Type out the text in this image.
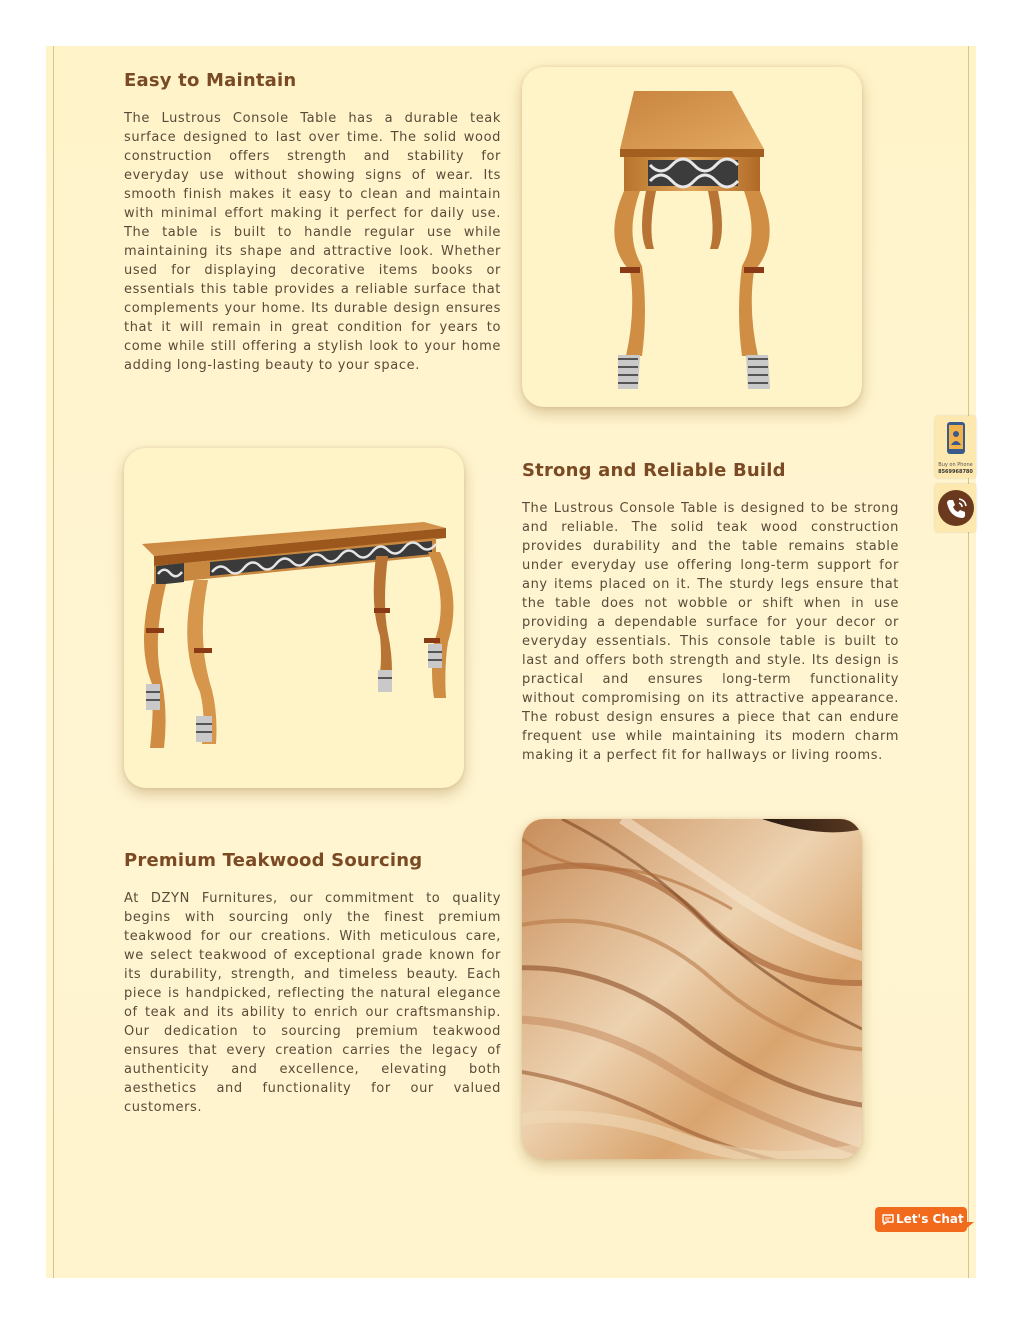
Easy to Maintain

The Lustrous Console Table has a durable teak surface designed to last over time. The solid wood construction offers strength and stability for everyday use without showing signs of wear. Its smooth finish makes it easy to clean and maintain with minimal effort making it perfect for daily use. The table is built to handle regular use while maintaining its shape and attractive look. Whether used for displaying decorative items books or essentials this table provides a reliable surface that complements your home. Its durable design ensures that it will remain in great condition for years to come while still offering a stylish look to your home adding long-lasting beauty to your space.

Strong and Reliable Build

The Lustrous Console Table is designed to be strong and reliable. The solid teak wood construction provides durability and the table remains stable under everyday use offering long-term support for any items placed on it. The sturdy legs ensure that the table does not wobble or shift when in use providing a dependable surface for your decor or everyday essentials. This console table is built to last and offers both strength and style. Its design is practical and ensures long-term functionality without compromising on its attractive appearance. The robust design ensures a piece that can endure frequent use while maintaining its modern charm making it a perfect fit for hallways or living rooms.

Premium Teakwood Sourcing

At DZYN Furnitures, our commitment to quality begins with sourcing only the finest premium teakwood for our creations. With meticulous care, we select teakwood of exceptional grade known for its durability, strength, and timeless beauty. Each piece is handpicked, reflecting the natural elegance of teak and its ability to enrich our craftsmanship. Our dedication to sourcing premium teakwood ensures that every creation carries the legacy of authenticity and excellence, elevating both aesthetics and functionality for our valued customers.

Buy on Phone
8569968780
Let's Chat
